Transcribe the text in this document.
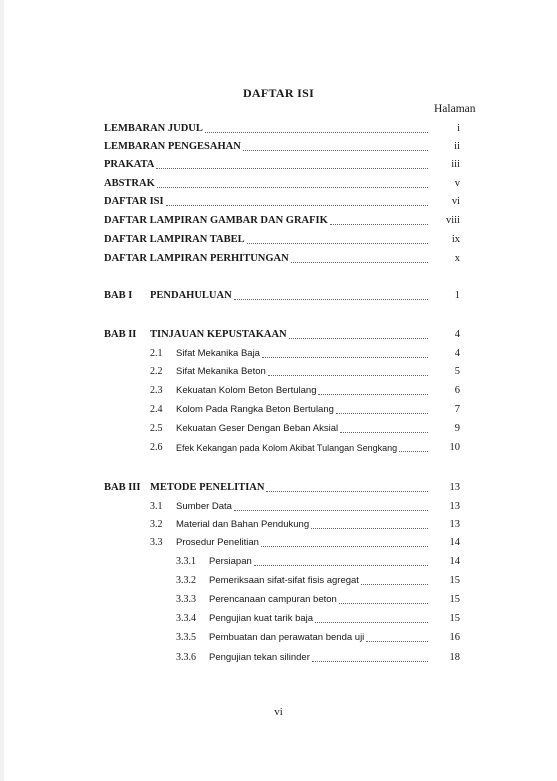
DAFTAR ISI
Halaman
LEMBARAN JUDUL	i
LEMBARAN PENGESAHAN	ii
PRAKATA	iii
ABSTRAK	v
DAFTAR ISI	vi
DAFTAR LAMPIRAN GAMBAR DAN GRAFIK	viii
DAFTAR LAMPIRAN TABEL	ix
DAFTAR LAMPIRAN PERHITUNGAN	x
BAB I PENDAHULUAN	1
BAB II TINJAUAN KEPUSTAKAAN	4
2.1 Sifat Mekanika Baja	4
2.2 Sifat Mekanika Beton	5
2.3 Kekuatan Kolom Beton Bertulang	6
2.4 Kolom Pada Rangka Beton Bertulang	7
2.5 Kekuatan Geser Dengan Beban Aksial	9
2.6 Efek Kekangan pada Kolom Akibat Tulangan Sengkang	10
BAB III METODE PENELITIAN	13
3.1 Sumber Data	13
3.2 Material dan Bahan Pendukung	13
3.3 Prosedur Penelitian	14
3.3.1 Persiapan	14
3.3.2 Pemeriksaan sifat-sifat fisis agregat	15
3.3.3 Perencanaan campuran beton	15
3.3.4 Pengujian kuat tarik baja	15
3.3.5 Pembuatan dan perawatan benda uji	16
3.3.6 Pengujian tekan silinder	18
vi
